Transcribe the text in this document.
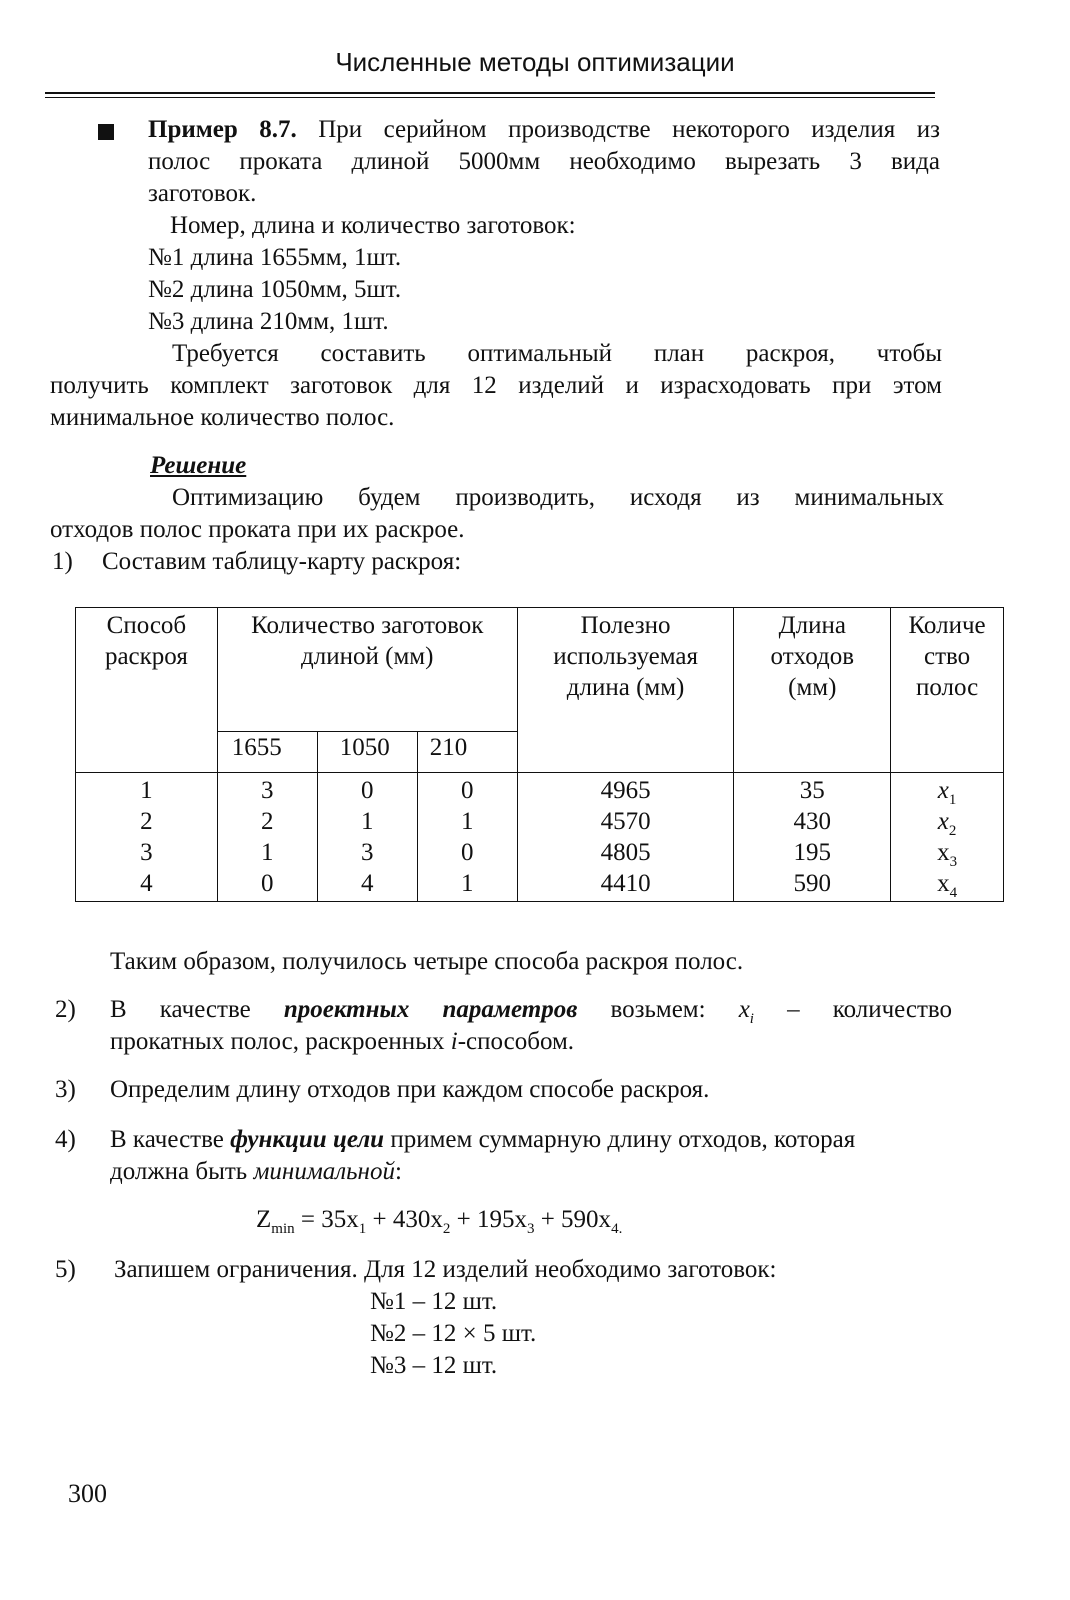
Численные методы оптимизации
Пример 8.7. При серийном производстве некоторого изделия из
полос проката длиной 5000мм необходимо вырезать 3 вида
заготовок.
Номер, длина и количество заготовок:
№1 длина 1655мм, 1шт.
№2 длина 1050мм, 5шт.
№3 длина 210мм, 1шт.
Требуется составить оптимальный план раскроя, чтобы
получить комплект заготовок для 12 изделий и израсходовать при этом
минимальное количество полос.
Решение
Оптимизацию будем производить, исходя из минимальных
отходов полос проката при их раскрое.
1) Составим таблицу-карту раскроя:
Способ раскроя	Количество заготовок длиной (мм)			Полезно используемая длина (мм)	Длина отходов (мм)	Количе ство полос

	1655	1050	210			
1	3	0	0	4965	35	$x_1$
2	2	1	1	4570	430	$x_2$
3	1	3	0	4805	195	$x_3$
4	0	4	1	4410	590	$x_4$
Таким образом, получилось четыре способа раскроя полос.
2) В качестве проектных параметров возьмем: $x_i$ – количество
прокатных полос, раскроенных i-способом.
3) Определим длину отходов при каждом способе раскроя.
4) В качестве функции цели примем суммарную длину отходов, которая
должна быть минимальной:
$Z_{min} = 35x_1 + 430x_2 + 195x_3 + 590x_{4.}$
5) Запишем ограничения. Для 12 изделий необходимо заготовок:
№1 – 12 шт.
№2 – 12 × 5 шт.
№3 – 12 шт.
300
